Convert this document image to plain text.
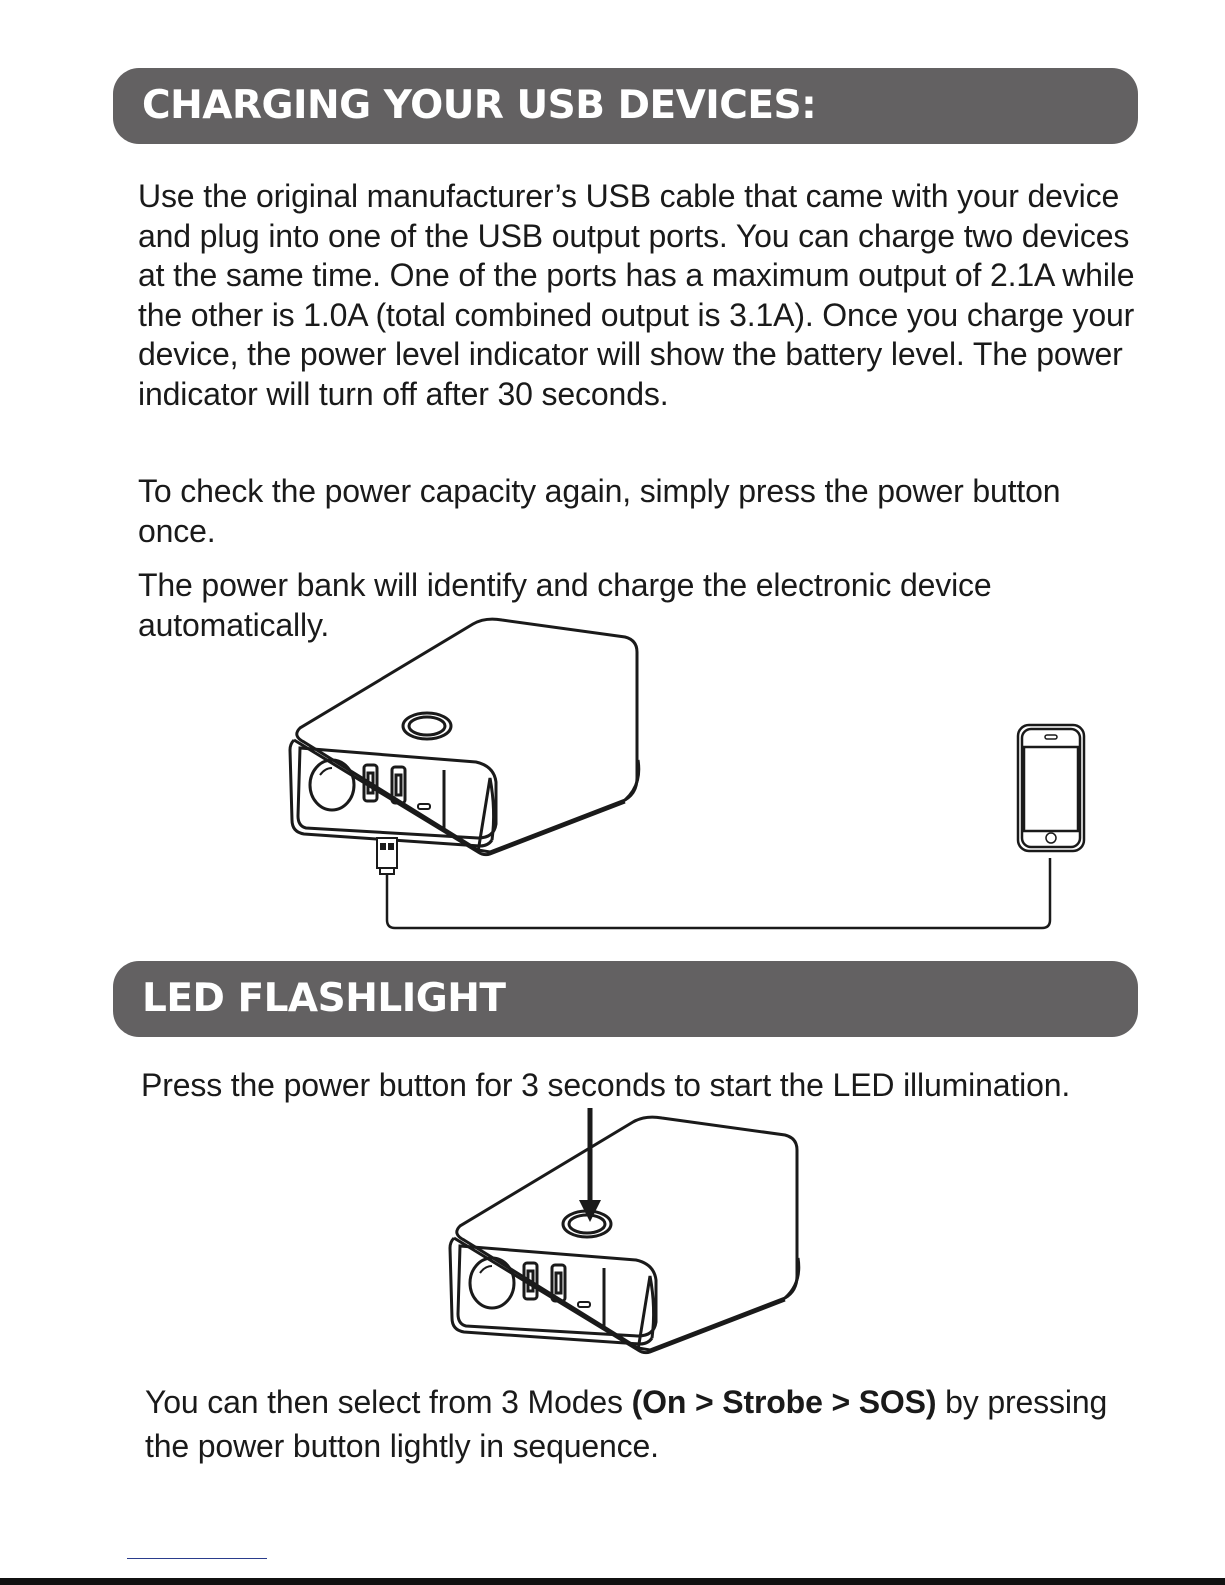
CHARGING YOUR USB DEVICES:

Use the original manufacturer’s USB cable that came with your device and plug into one of the USB output ports. You can charge two devices at the same time. One of the ports has a maximum output of 2.1A while the other is 1.0A (total combined output is 3.1A). Once you charge your device, the power level indicator will show the battery level. The power indicator will turn off after 30 seconds.

To check the power capacity again, simply press the power button once.

The power bank will identify and charge the electronic device automatically.

LED FLASHLIGHT

Press the power button for 3 seconds to start the LED illumination.

You can then select from 3 Modes (On > Strobe > SOS) by pressing the power button lightly in sequence.
